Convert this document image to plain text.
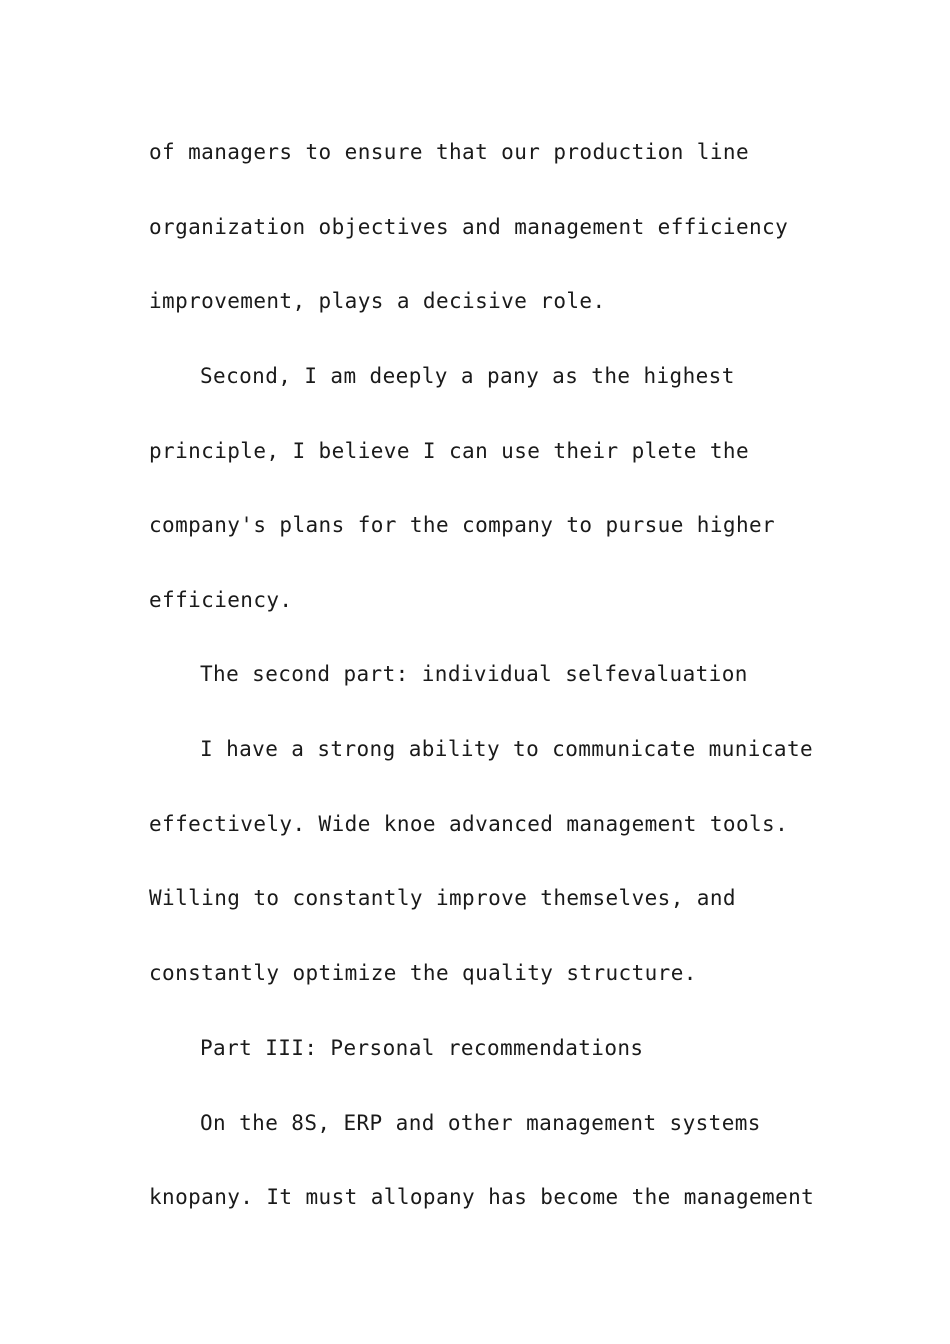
of managers to ensure that our production line

organization objectives and management efficiency

improvement, plays a decisive role.

Second, I am deeply a pany as the highest

principle, I believe I can use their plete the

company's plans for the company to pursue higher

efficiency.

The second part: individual selfevaluation

I have a strong ability to communicate municate

effectively. Wide knoe advanced management tools.

Willing to constantly improve themselves, and

constantly optimize the quality structure.

Part III: Personal recommendations

On the 8S, ERP and other management systems

knopany. It must allopany has become the management
